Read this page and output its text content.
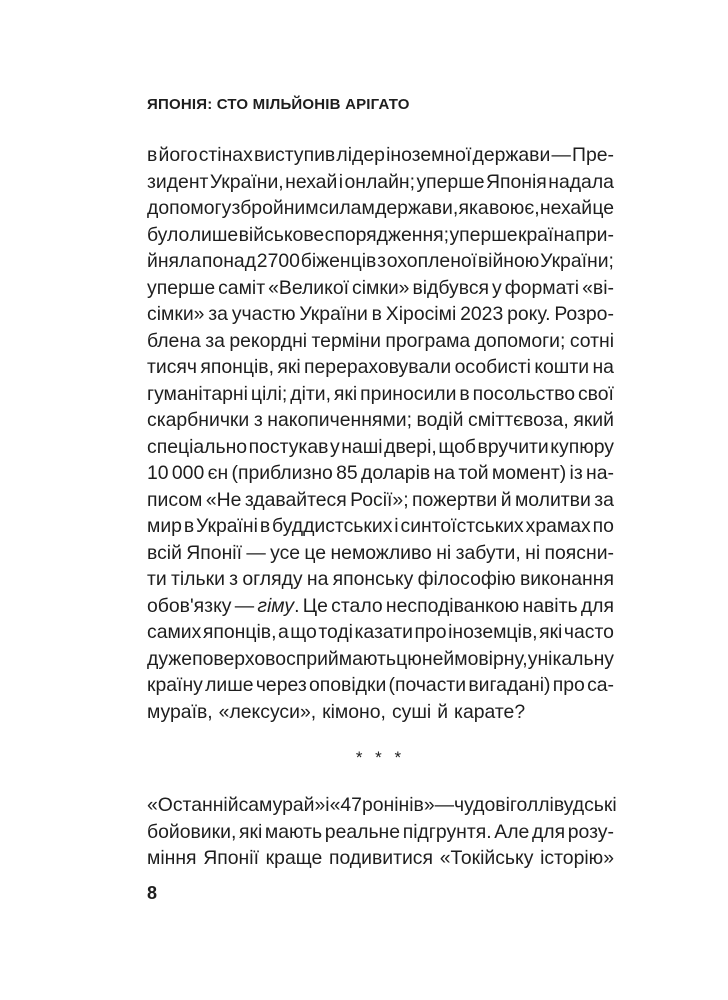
ЯПОНІЯ: СТО МІЛЬЙОНІВ АРІГАТО
в його стінах виступив лідер іноземної держави — Пре-
зидент України, нехай і онлайн; уперше Японія надала
допомогу збройним силам держави, яка воює, нехай це
було лише військове спорядження; уперше країна при-
йняла понад 2700 біженців з охопленої війною України;
уперше саміт «Великої сімки» відбувся у форматі «ві-
сімки» за участю України в Хіросімі 2023 року. Розро-
блена за рекордні терміни програма допомоги; сотні
тисяч японців, які перераховували особисті кошти на
гуманітарні цілі; діти, які приносили в посольство свої
скарбнички з накопиченнями; водій сміттєвоза, який
спеціально постукав у наші двері, щоб вручити купюру
10 000 єн (приблизно 85 доларів на той момент) із на-
писом «Не здавайтеся Росії»; пожертви й молитви за
мир в Україні в буддистських і синтоїстських храмах по
всій Японії — усе це неможливо ні забути, ні поясни-
ти тільки з огляду на японську філософію виконання
обов'язку — гіму. Це стало несподіванкою навіть для
самих японців, а що тоді казати про іноземців, які часто
дуже поверхово сприймають цю неймовірну, унікальну
країну лише через оповідки (почасти вигадані) про са-
мураїв, «лексуси», кімоно, суші й карате?
* * *
«Останній самурай» і «47 ронінів» — чудові голлівудські
бойовики, які мають реальне підгрунтя. Але для розу-
міння Японії краще подивитися «Токійську історію»
8
